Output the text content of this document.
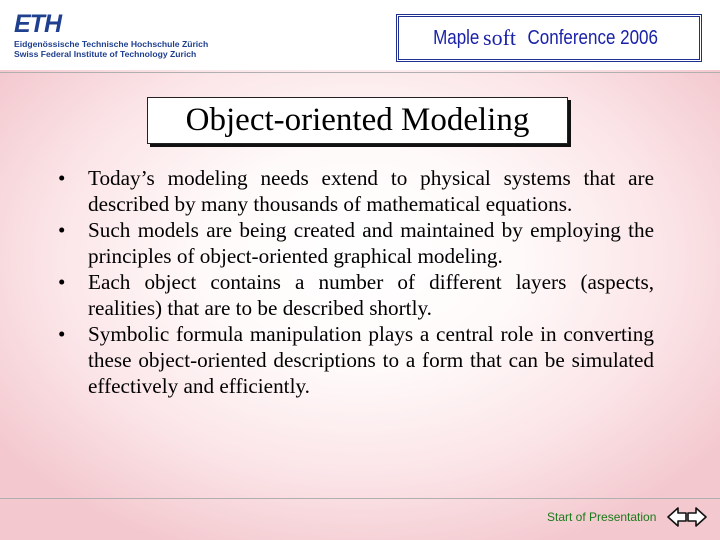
ETH
Eidgenössische Technische Hochschule Zürich
Swiss Federal Institute of Technology Zurich
Maple soft Conference 2006
Object-oriented Modeling
•	Today’s modeling needs extend to physical systems that are described by many thousands of mathematical equations.
•	Such models are being created and maintained by employing the principles of object-oriented graphical modeling.
•	Each object contains a number of different layers (aspects, realities) that are to be described shortly.
•	Symbolic formula manipulation plays a central role in converting these object-oriented descriptions to a form that can be simulated effectively and efficiently.
Start of Presentation
